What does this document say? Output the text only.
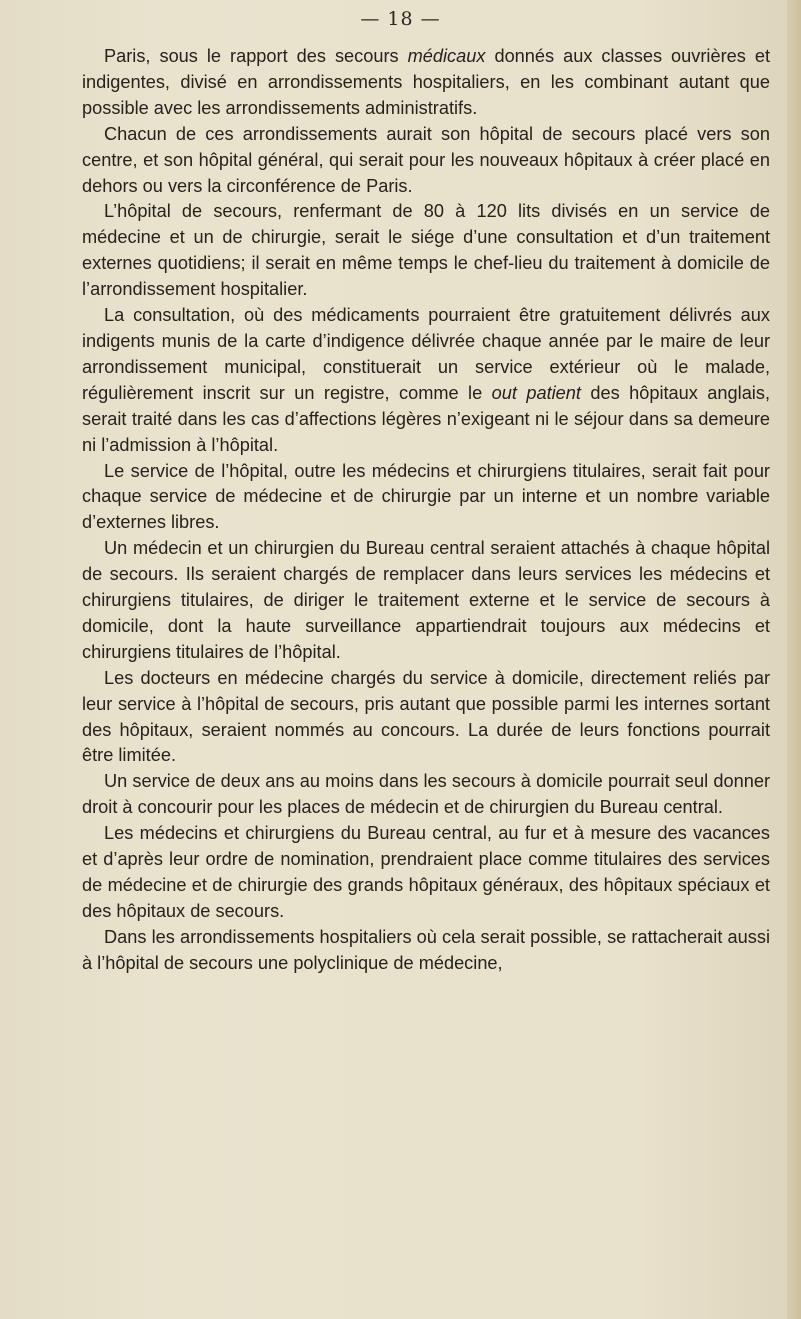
— 18 —

Paris, sous le rapport des secours médicaux donnés aux classes ouvrières et indigentes, divisé en arrondissements hospitaliers, en les combinant autant que possible avec les arrondissements administratifs.

Chacun de ces arrondissements aurait son hôpital de secours placé vers son centre, et son hôpital général, qui serait pour les nouveaux hôpitaux à créer placé en dehors ou vers la circonférence de Paris.

L’hôpital de secours, renfermant de 80 à 120 lits divisés en un service de médecine et un de chirurgie, serait le siége d’une consultation et d’un traitement externes quotidiens; il serait en même temps le chef-lieu du traitement à domicile de l’arrondissement hospitalier.

La consultation, où des médicaments pourraient être gratuitement délivrés aux indigents munis de la carte d’indigence délivrée chaque année par le maire de leur arrondissement municipal, constituerait un service extérieur où le malade, régulièrement inscrit sur un registre, comme le out patient des hôpitaux anglais, serait traité dans les cas d’affections légères n’exigeant ni le séjour dans sa demeure ni l’admission à l’hôpital.

Le service de l’hôpital, outre les médecins et chirurgiens titulaires, serait fait pour chaque service de médecine et de chirurgie par un interne et un nombre variable d’externes libres.

Un médecin et un chirurgien du Bureau central seraient attachés à chaque hôpital de secours. Ils seraient chargés de remplacer dans leurs services les médecins et chirurgiens titulaires, de diriger le traitement externe et le service de secours à domicile, dont la haute surveillance appartiendrait toujours aux médecins et chirurgiens titulaires de l’hôpital.

Les docteurs en médecine chargés du service à domicile, directement reliés par leur service à l’hôpital de secours, pris autant que possible parmi les internes sortant des hôpitaux, seraient nommés au concours. La durée de leurs fonctions pourrait être limitée.

Un service de deux ans au moins dans les secours à domicile pourrait seul donner droit à concourir pour les places de médecin et de chirurgien du Bureau central.

Les médecins et chirurgiens du Bureau central, au fur et à mesure des vacances et d’après leur ordre de nomination, prendraient place comme titulaires des services de médecine et de chirurgie des grands hôpitaux généraux, des hôpitaux spéciaux et des hôpitaux de secours.

Dans les arrondissements hospitaliers où cela serait possible, se rattacherait aussi à l’hôpital de secours une polyclinique de médecine,
